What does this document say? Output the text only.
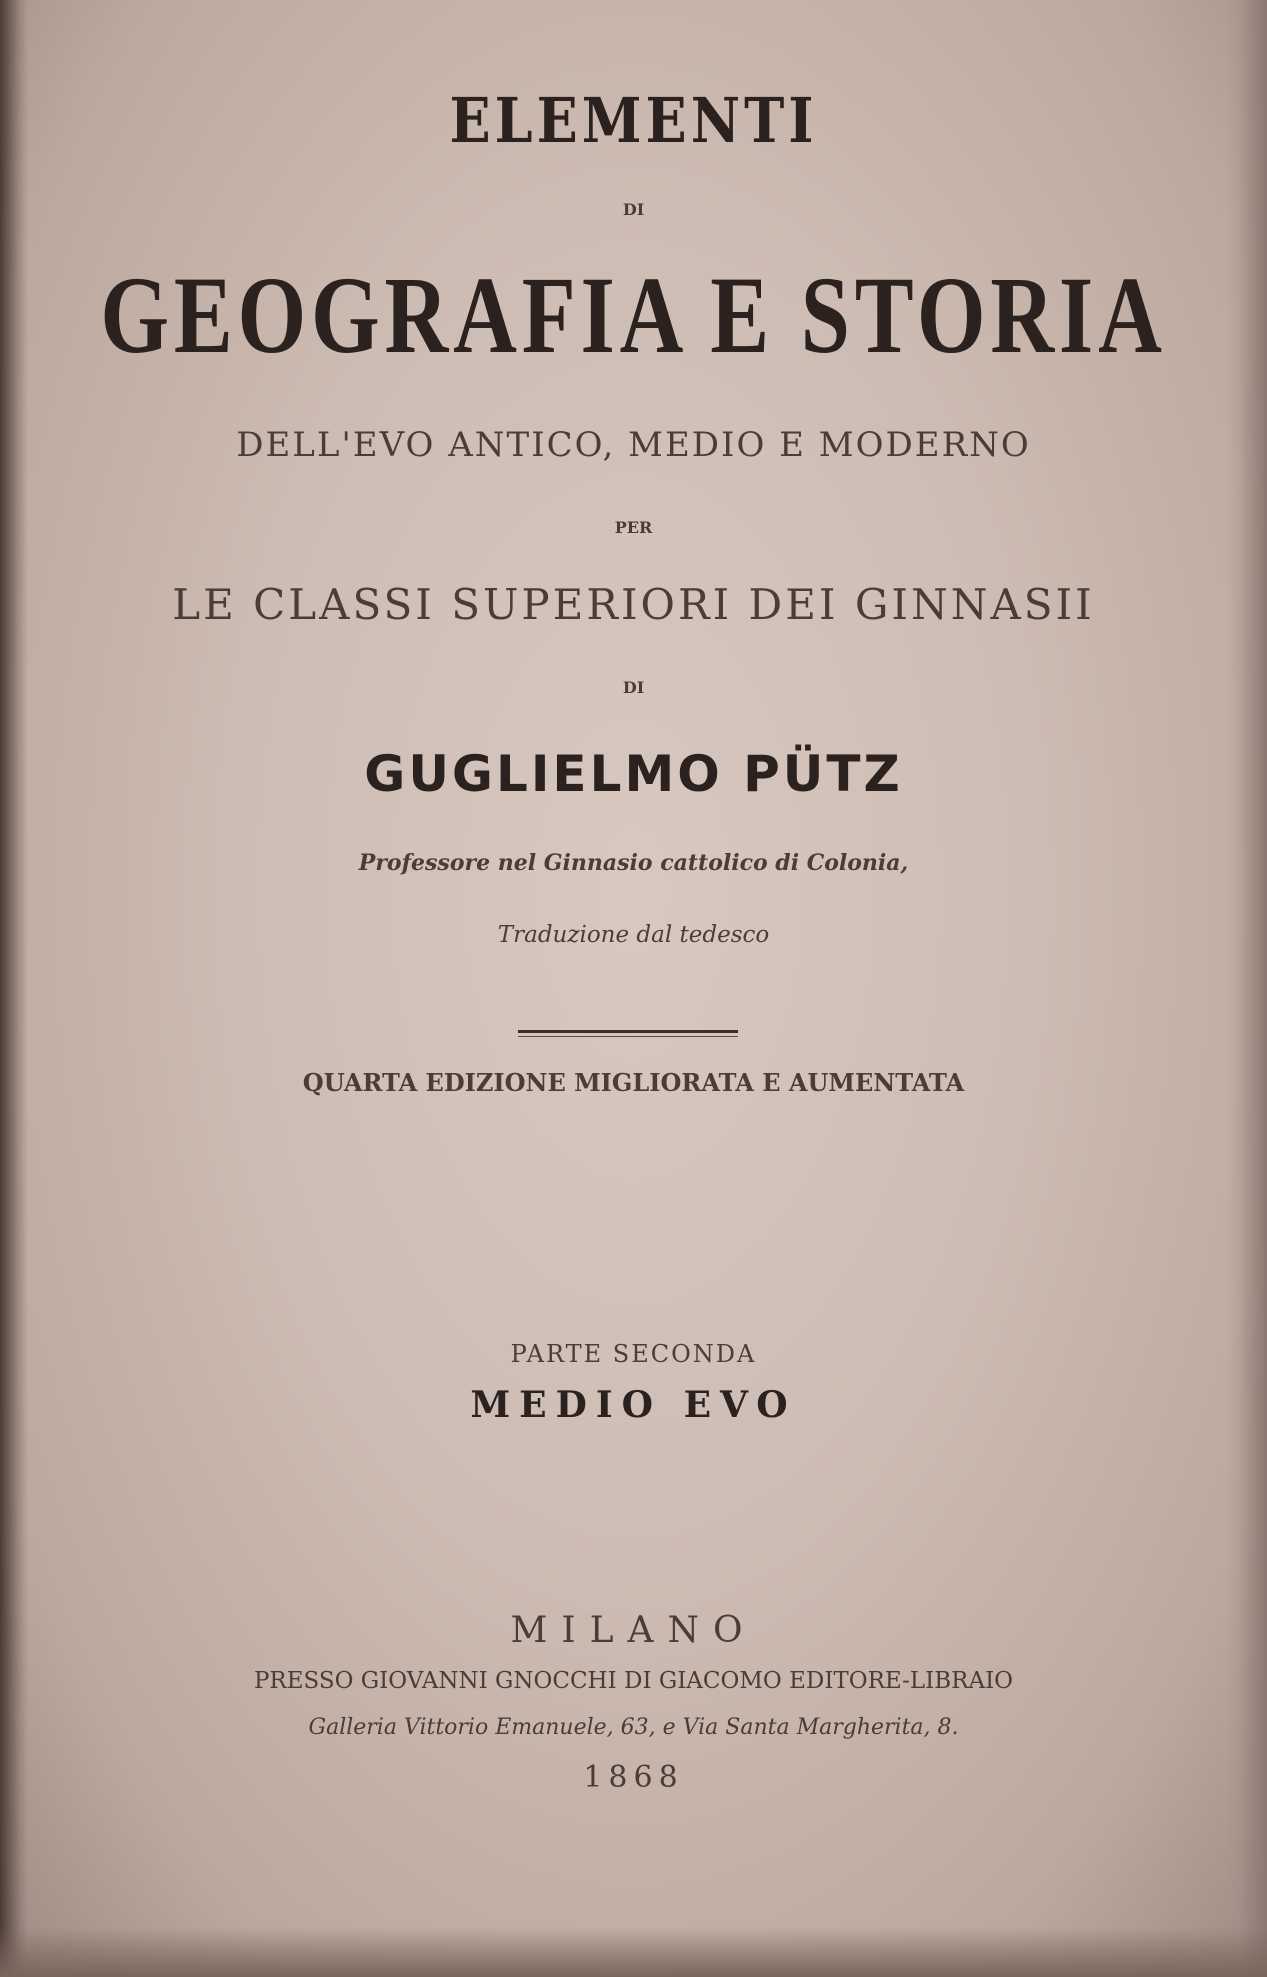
ELEMENTI
DI
GEOGRAFIA E STORIA
DELL'EVO ANTICO, MEDIO E MODERNO
PER
LE CLASSI SUPERIORI DEI GINNASII
DI
GUGLIELMO PÜTZ
Professore nel Ginnasio cattolico di Colonia,
Traduzione dal tedesco
QUARTA EDIZIONE MIGLIORATA E AUMENTATA
PARTE SECONDA
MEDIO EVO
MILANO
PRESSO GIOVANNI GNOCCHI DI GIACOMO EDITORE-LIBRAIO
Galleria Vittorio Emanuele, 63, e Via Santa Margherita, 8.
1868
